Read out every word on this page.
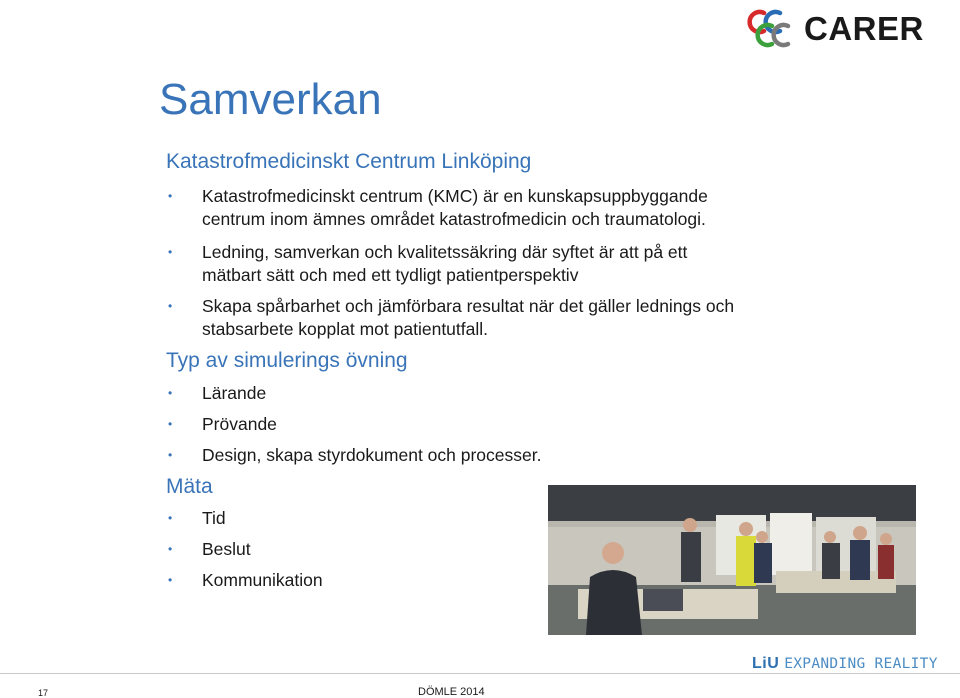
CARER
Samverkan
Katastrofmedicinskt Centrum Linköping
• Katastrofmedicinskt centrum (KMC) är en kunskapsuppbyggande
centrum inom ämnes området katastrofmedicin och traumatologi.
• Ledning, samverkan och kvalitetssäkring där syftet är att på ett
mätbart sätt och med ett tydligt patientperspektiv
• Skapa spårbarhet och jämförbara resultat när det gäller lednings och
stabsarbete kopplat mot patientutfall.
Typ av simulerings övning
• Lärande
• Prövande
• Design, skapa styrdokument och processer.
Mäta
• Tid
• Beslut
• Kommunikation
LiU EXPANDING REALITY
17	DÖMLE 2014
